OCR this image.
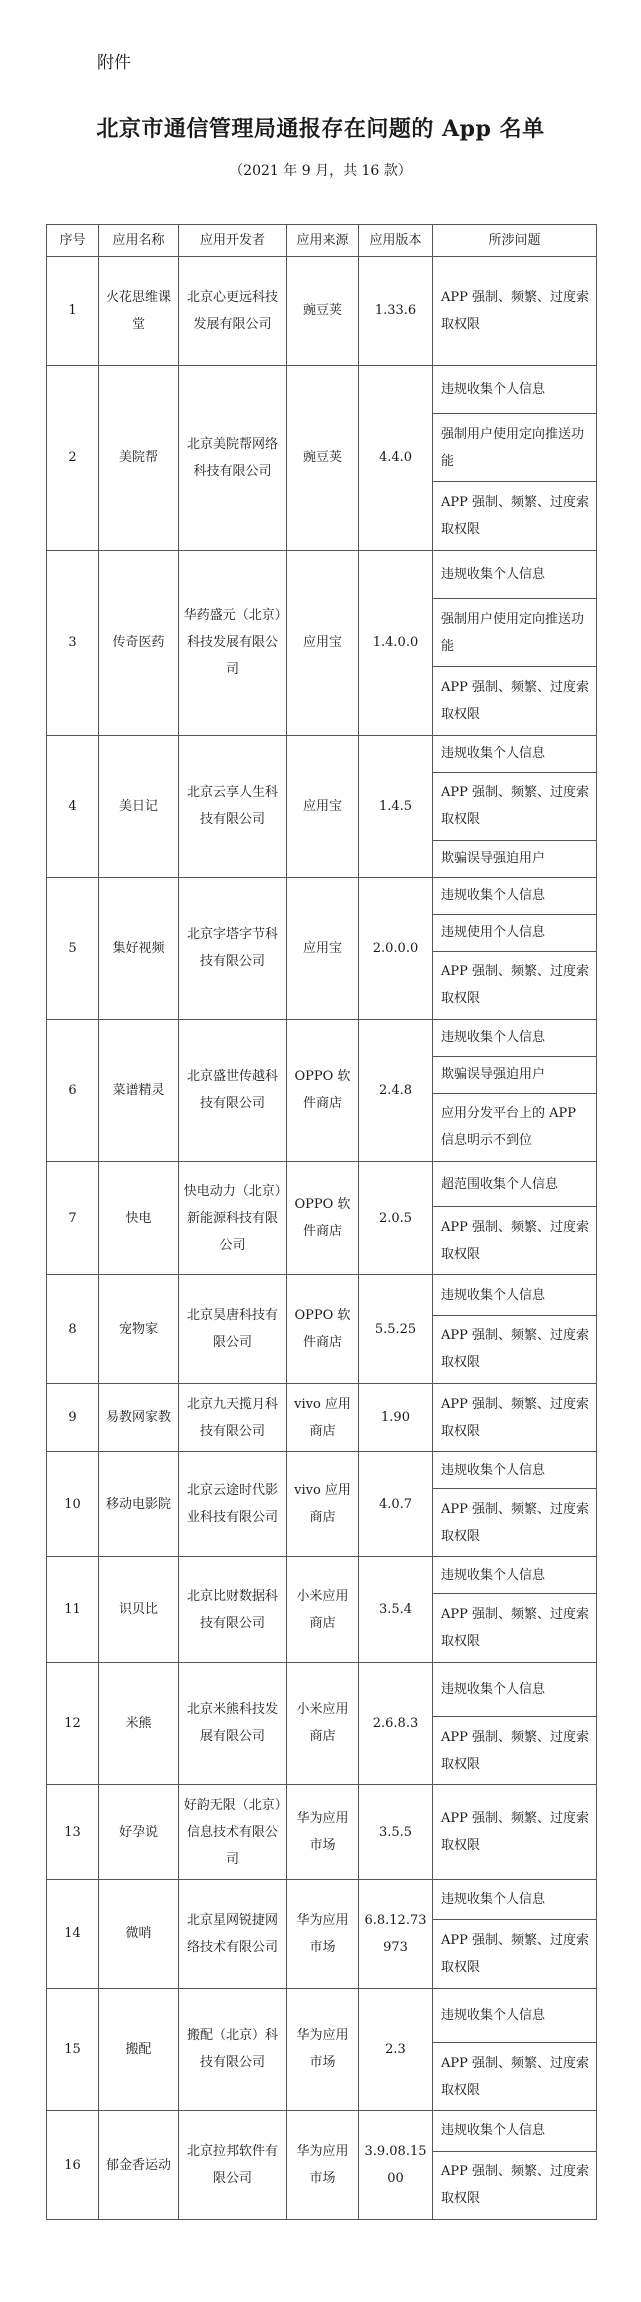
附件
北京市通信管理局通报存在问题的 App 名单
（2021 年 9 月，共 16 款）
序号	应用名称	应用开发者	应用来源	应用版本	所涉问题
1	火花思维课堂	北京心更远科技发展有限公司	豌豆荚	1.33.6	APP 强制、频繁、过度索取权限
2	美院帮	北京美院帮网络科技有限公司	豌豆荚	4.4.0	违规收集个人信息
					强制用户使用定向推送功能
					APP 强制、频繁、过度索取权限
3	传奇医药	华药盛元（北京）科技发展有限公司	应用宝	1.4.0.0	违规收集个人信息
					强制用户使用定向推送功能
					APP 强制、频繁、过度索取权限
4	美日记	北京云享人生科技有限公司	应用宝	1.4.5	违规收集个人信息
					APP 强制、频繁、过度索取权限
					欺骗误导强迫用户
5	集好视频	北京字塔字节科技有限公司	应用宝	2.0.0.0	违规收集个人信息
					违规使用个人信息
					APP 强制、频繁、过度索取权限
6	菜谱精灵	北京盛世传越科技有限公司	OPPO 软件商店	2.4.8	违规收集个人信息
					欺骗误导强迫用户
					应用分发平台上的 APP 信息明示不到位
7	快电	快电动力（北京）新能源科技有限公司	OPPO 软件商店	2.0.5	超范围收集个人信息
					APP 强制、频繁、过度索取权限
8	宠物家	北京昊唐科技有限公司	OPPO 软件商店	5.5.25	违规收集个人信息
					APP 强制、频繁、过度索取权限
9	易教网家教	北京九天揽月科技有限公司	vivo 应用商店	1.90	APP 强制、频繁、过度索取权限
10	移动电影院	北京云途时代影业科技有限公司	vivo 应用商店	4.0.7	违规收集个人信息
					APP 强制、频繁、过度索取权限
11	识贝比	北京比财数据科技有限公司	小米应用商店	3.5.4	违规收集个人信息
					APP 强制、频繁、过度索取权限
12	米熊	北京米熊科技发展有限公司	小米应用商店	2.6.8.3	违规收集个人信息
					APP 强制、频繁、过度索取权限
13	好孕说	好韵无限（北京）信息技术有限公司	华为应用市场	3.5.5	APP 强制、频繁、过度索取权限
14	微哨	北京星网锐捷网络技术有限公司	华为应用市场	6.8.12.73973	违规收集个人信息
					APP 强制、频繁、过度索取权限
15	搬配	搬配（北京）科技有限公司	华为应用市场	2.3	违规收集个人信息
					APP 强制、频繁、过度索取权限
16	郁金香运动	北京拉邦软件有限公司	华为应用市场	3.9.08.1500	违规收集个人信息
					APP 强制、频繁、过度索取权限
